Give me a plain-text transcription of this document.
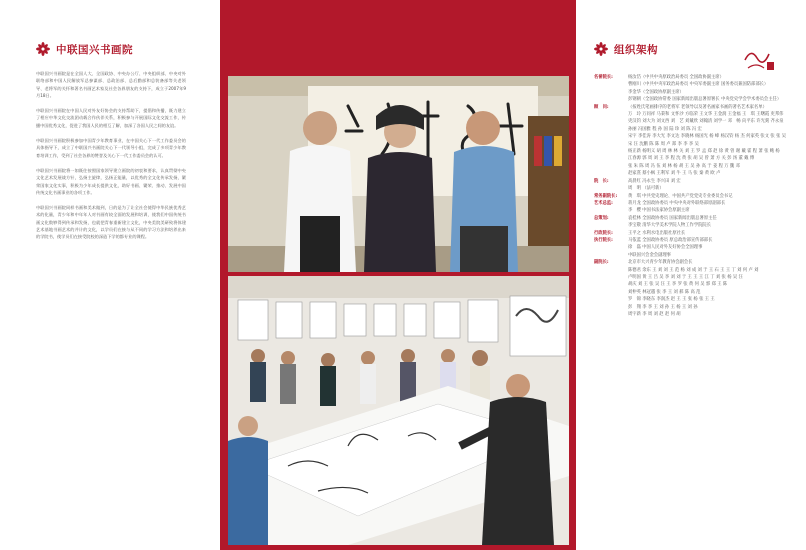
中联国兴书画院

中联国兴书画院是在全国人大、全国政协、中央办公厅、中央组织部、中央对外联络部和中国人民解放军总参谋部、总政治部、总后勤部和总装备部等关老领导、老将军的关怀和著名书画艺术家及社会各界朋友的支持下，成立于2007年9月18日。

中联国兴书画院在中国人民对外友好协会的支持帮助下，提倡和传播，既力建立了相应中华文化交流团动载合作伙伴关系，积极参与开展国际文化交流工作，传播中国优秀文化，促进了我国人民的相互了解，加深了各国人民之间的友谊。

中联国兴书画院积极参加中国青少年教育事业，在中国关心下一代工作委员会的具体指导下，成立了中联国兴书画院关心下一代领导小组，完成了多项青少年教育培训工作，受到了社会各界的赞誉及关心下一代工作委员会的认可。

中联国兴书画院将一如既往按照国家领导建立画院的初衷和要求，认真贯彻中央文化艺术发展战方针，弘扬主旋律，弘扬正能量，以优秀的全文化传承发扬，繁荣国家文化实事，积极为少年成长提供文化，助好书画、繁荣、推动、发展中国传统文化书画事业的各项工作。

中联国兴书画院同样书画和美术做到，日的是为了让全社会使得中华民族优秀艺术的化量，青少年和中年年人对书画有较全面的发展和培训，使我们中国传统书画文化数够得到传承和发扬，也就把青春重新建立文化，中央美院美研致将体建艺术基地书画艺术的并计的文化，以学员们在接与从不同的学习方法和培养出来的学院书，使学员们在接受院校的深造下学的都专业的课程。

组织架构
名誉院长:	杨汝岱（中共中央原政治局委员 全国政协副主席）
曹刚川（中共中央军政治局委员 中央军委副主席 国务委员兼国防部部长）
李金华（全国政协原副主席）
彭钢朝（全国政协常委 国家新闻出版总署原署长 中央党史学会学术委员会主任）
顾　问:	（按姓氏笔画排序的老将军 老领导以及著名画家书画的著名艺术家名单）
万　玲 万同祥 马秉和 文怀沙 方临荣 王文华 王金润 王金福 王　琪 王曙霞 吏邦伟 吏汉钧 刘大为 刘文西 刘　艺 刘戴欣 刘翰清 刘学一 邓　畅 向平东 许光刻 齐永泉 孙丽 冯国雅 程 孙 国 陆 珍 刘 陈 冯 宏
宋宇 李佳涛 李大光 李文达 李晓林 杨国光 杨 峰 杨汉钧 杨 杰 何家英 张文 张 张 吴 宋 汪 沈鹏 陈 陈 周 卢 郑 李 李 李 吴
杨正新 杨明义 胡 周 林 林 关 刘 王 罗 孟 郑 赵 徐 黄 曾 谢 戴 霍 程 萧 张 鲍 杨
江春源 郭 周 刘 王 李 程 沈 黄 张 胡 吴 曾 萧 方 关 彭 汤 董 戴 傅
张 朱 陈 周 冯 伍 刘 林 杨 胡 王 吴 孙 高 于 姜 程 万 魏 邓
赵家熹 蔡小枫 王利军 刘 牛 王 马 张 秦 黄 欧 卢
院　长:	高晨红 冯永生 李兴田 刘 宏
周　明 （法可新）
常务副院长:	黄　琪 中共党史理论、中国共产党党史专业委员会书记
艺术总监:	蒋月龙 全国政协委员 中央中央对外联络部原副部长
李　樱 中国书法家协会原副主席
总策划:	袁桂林 全国政协委员 国家新闻出版总署原主任
李宝敬 清华大学美术学院人物工作学院院长
行政院长:	王平之 水利水电出版社原社长
执行院长:	马依蓝 全国政协委员 原总政治部宣传部部长
徐　磊 中国人民对外友好协会全国理事
中联国兴会金会副理事
副院长:	北京市大兴青少年教育协会副会长
陈德君 余东 王 刘 刘 王 范 杨 刘 成 刘 于 王 石 王 王 丁 刘 何 卢 刘
卢明国 黄 王 吕 吴 李 刘 刘 于 王 王 王 江 丁 刘 张 杨 吴 汪
胡庆 刘 王 张 吴 汪 王 李 罗 张 黄 何 吴 郭 郑 王 陈
刘仲英 林冠越 张 李 王 刘 郝 陈 高 范
罗　锦 李晓东 李润杰 赵 王 王 张 杨 张 王 王
彭　翔 李 李 王 刘 孙 王 杨 王 刘 孙
周宇新 李 周 刘 赵 赵 何 胡
